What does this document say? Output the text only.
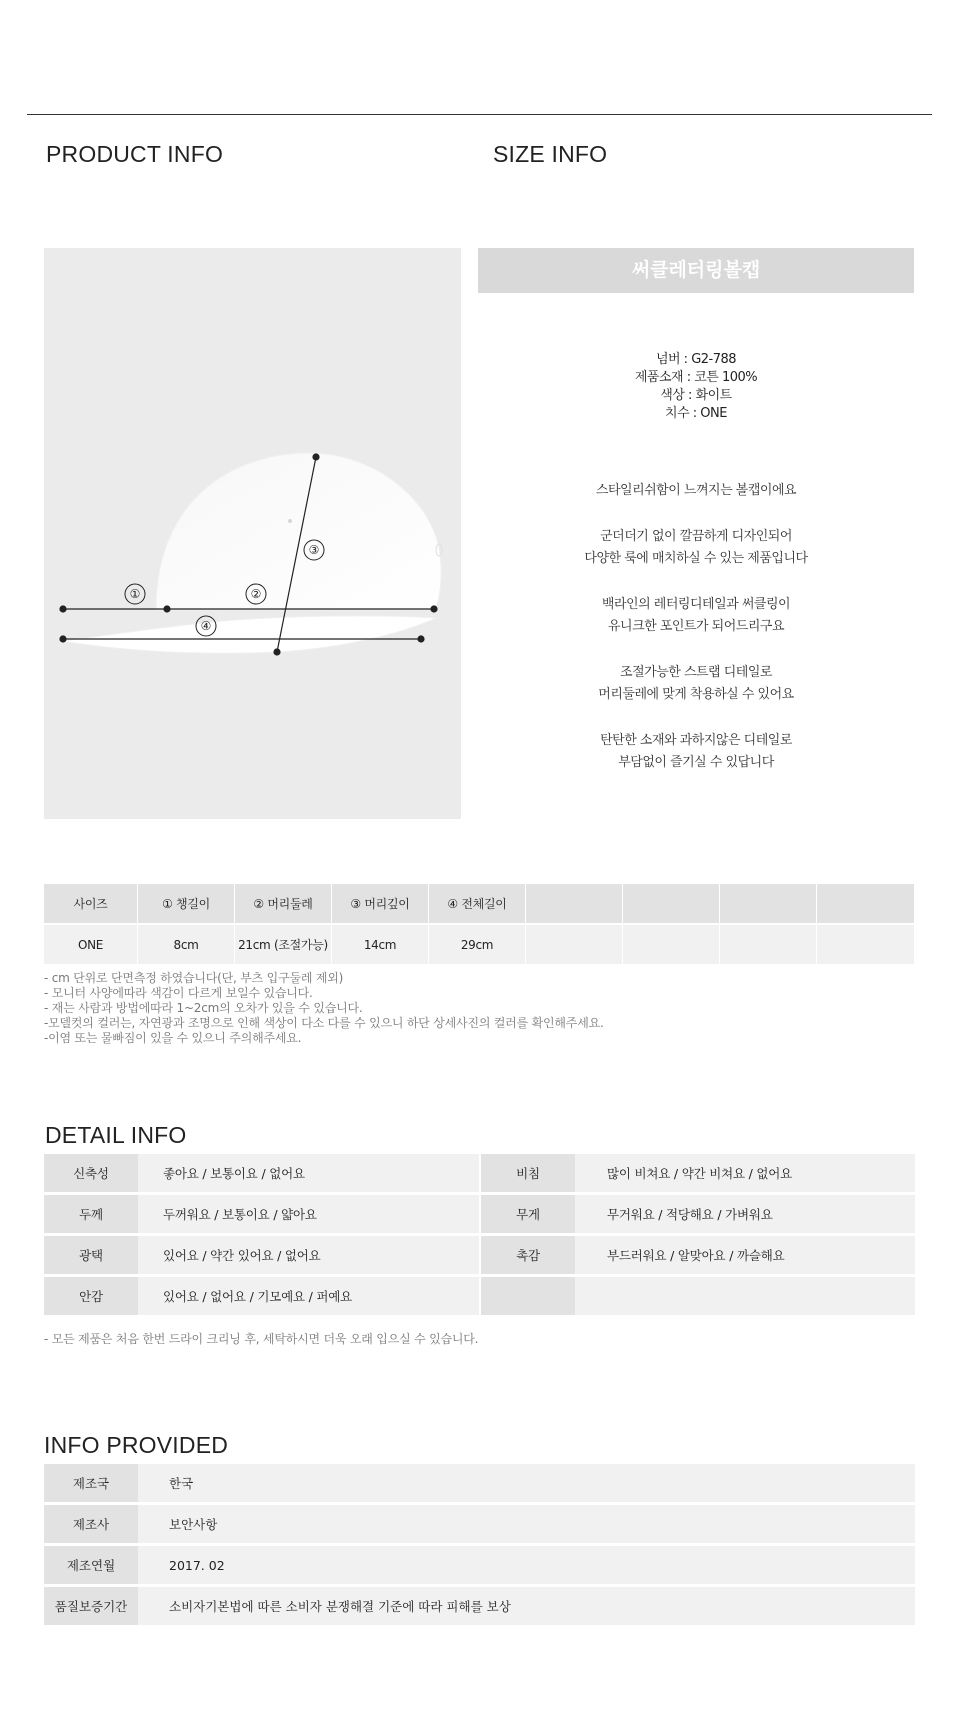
PRODUCT INFO	SIZE INFO
①	②
③
④
써클레터링볼캡
넘버 : G2-788
제품소재 : 코튼 100%
색상 : 화이트
치수 : ONE
스타일리쉬함이 느껴지는 볼캡이에요
군더더기 없이 깔끔하게 디자인되어
다양한 룩에 매치하실 수 있는 제품입니다
백라인의 레터링디테일과 써클링이
유니크한 포인트가 되어드리구요
조절가능한 스트랩 디테일로
머리둘레에 맞게 착용하실 수 있어요
탄탄한 소재와 과하지않은 디테일로
부담없이 즐기실 수 있답니다
사이즈	① 챙길이	② 머리둘레	③ 머리깊이	④ 전체길이				
ONE	8cm	21cm (조절가능)	14cm	29cm				
- cm 단위로 단면측정 하였습니다(단, 부츠 입구둘레 제외)
- 모니터 사양에따라 색감이 다르게 보일수 있습니다.
- 재는 사람과 방법에따라 1~2cm의 오차가 있을 수 있습니다.
-모델컷의 컬러는, 자연광과 조명으로 인해 색상이 다소 다를 수 있으니 하단 상세사진의 컬러를 확인해주세요.
-이염 또는 물빠짐이 있을 수 있으니 주의해주세요.
DETAIL INFO
신축성	좋아요 / 보통이요 / 없어요	비침	많이 비쳐요 / 약간 비쳐요 / 없어요
두께	두꺼워요 / 보통이요 / 얇아요	무게	무거워요 / 적당해요 / 가벼워요
광택	있어요 / 약간 있어요 / 없어요	촉감	부드러워요 / 알맞아요 / 까슬해요
안감	있어요 / 없어요 / 기모예요 / 퍼예요		
- 모든 제품은 처음 한번 드라이 크리닝 후, 세탁하시면 더욱 오래 입으실 수 있습니다.
INFO PROVIDED
제조국	한국
제조사	보안사항
제조연월	2017. 02
품질보증기간	소비자기본법에 따른 소비자 분쟁해결 기준에 따라 피해를 보상
